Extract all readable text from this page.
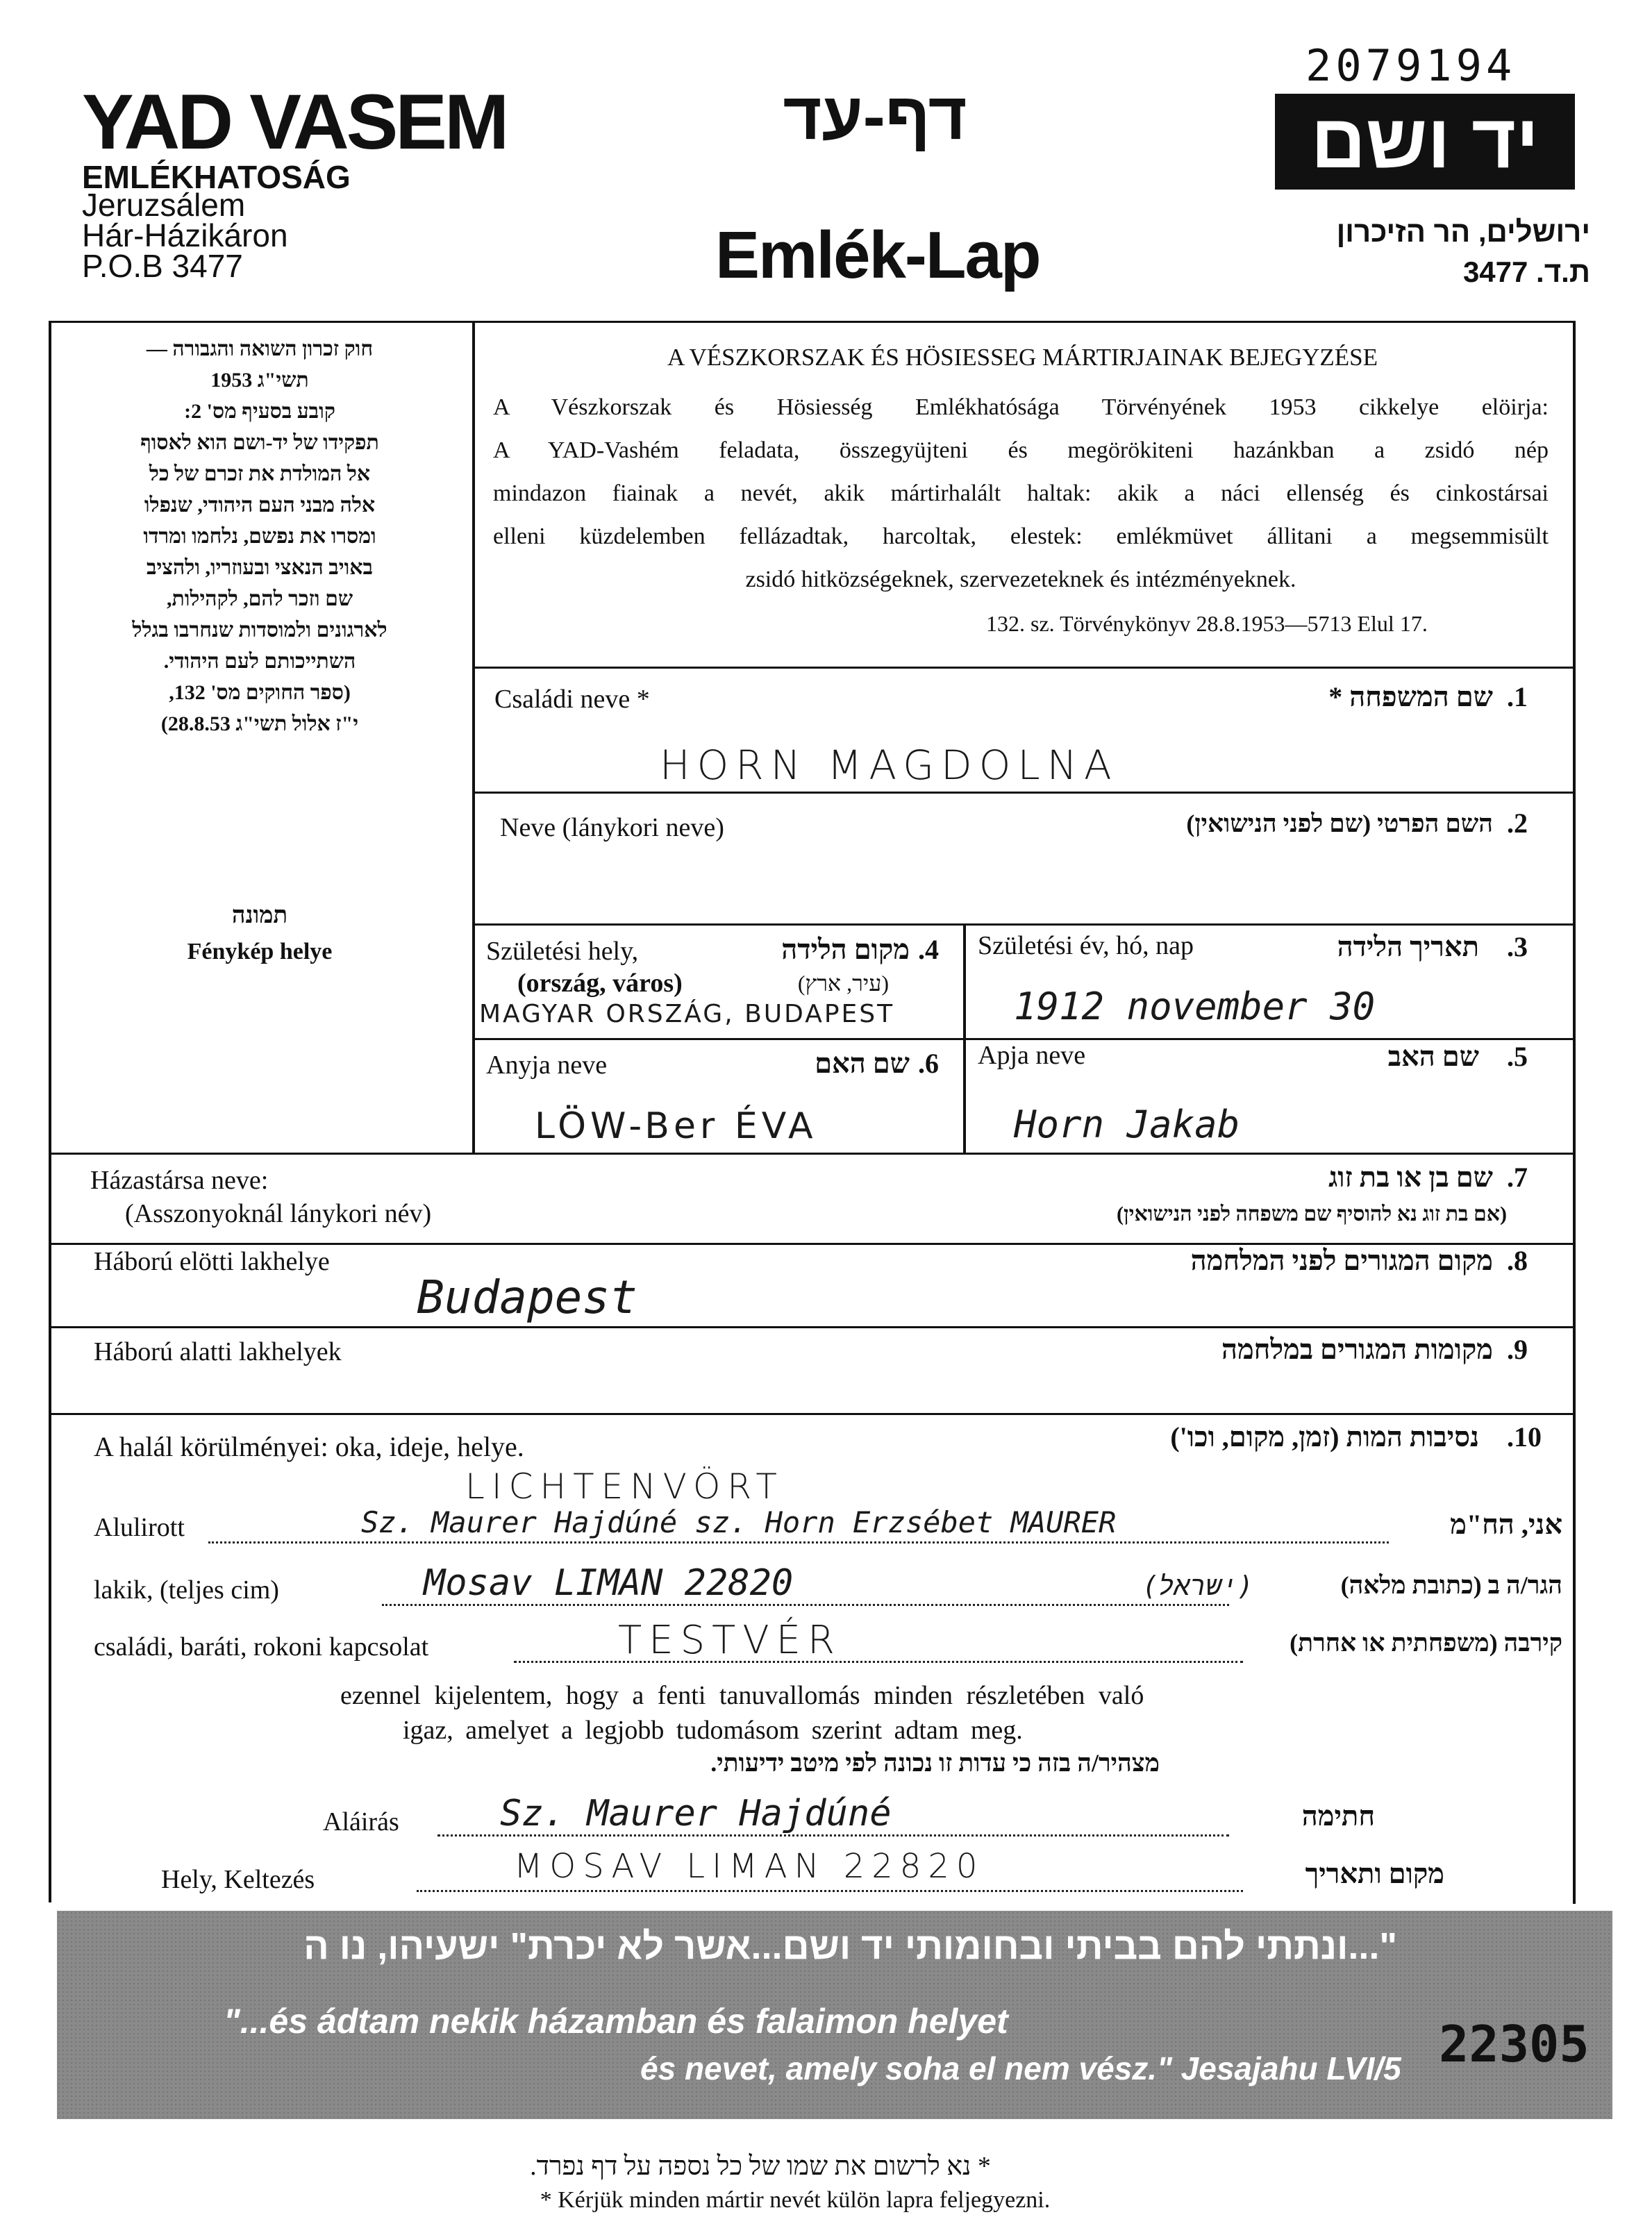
2079194
YAD VASEM
EMLÉKHATOSÁG
Jeruzsálem
Hár-Házikáron
P.O.B 3477
דף-עד
Emlék-Lap
יד ושם
ירושלים, הר הזיכרון
ת.ד. 3477
חוק זכרון השואה והגבורה —
תשי"ג 1953
קובע בסעיף מס' 2:
תפקידו של יד-ושם הוא לאסוף
אל המולדת את זכרם של כל
אלה מבני העם היהודי, שנפלו
ומסרו את נפשם, נלחמו ומרדו
באויב הנאצי ובעוזריו, ולהציב
שם וזכר להם, לקהילות,
לארגונים ולמוסדות שנחרבו בגלל
השתייכותם לעם היהודי.
(ספר החוקים מס' 132,
י"ז אלול תשי"ג 28.8.53)
תמונה
Fénykép helye
A VÉSZKORSZAK ÉS HÖSIESSEG MÁRTIRJAINAK BEJEGYZÉSE
A Vészkorszak és Hösiesség Emlékhatósága Törvényének 1953 cikkelye elöirja:
A YAD-Vashém feladata, összegyüjteni és megörökiteni hazánkban a zsidó nép
mindazon fiainak a nevét, akik mártirhalált haltak: akik a náci ellenség és cinkostársai
elleni küzdelemben fellázadtak, harcoltak, elestek: emlékmüvet állitani a megsemmisült
zsidó hitközségeknek, szervezeteknek és intézményeknek.
132. sz. Törvénykönyv 28.8.1953—5713 Elul 17.
Családi neve *	שם המשפחה * .1
HORN MAGDOLNA
Neve (lánykori neve)	השם הפרטי (שם לפני הנישואין) .2
Születési hely,
(ország, város)
מקום הלידה .4
(עיר, ארץ)
MAGYAR ORSZÁG, BUDAPEST
Születési év, hó, nap	תאריך הלידה .3
1912 november 30
Anyja neve	שם האם .6
LÖW-Ber ÉVA
Apja neve	שם האב .5
Horn Jakab
Házastársa neve:
(Asszonyoknál lánykori név)
שם בן או בת זוג .7
(אם בת זוג נא להוסיף שם משפחה לפני הנישואין)
Háború elötti lakhelye	מקום המגורים לפני המלחמה .8
Budapest
Háború alatti lakhelyek	מקומות המגורים במלחמה .9
A halál körülményei: oka, ideje, helye.	נסיבות המות (זמן, מקום, וכו') .10
LICHTENVÖRT
Alulirott	Sz. Maurer Hajdúné sz. Horn Erzsébet MAURER	אני, הח"מ
lakik, (teljes cim)	Mosav LIMAN 22820	(ישראל)	הגר/ה ב (כתובת מלאה)
családi, baráti, rokoni kapcsolat	TESTVÉR	קירבה (משפחתית או אחרת)
ezennel kijelentem, hogy a fenti tanuvallomás minden részletében való
igaz, amelyet a legjobb tudomásom szerint adtam meg.
מצהיר/ה בזה כי עדות זו נכונה לפי מיטב ידיעותי.
Aláirás	Sz. Maurer Hajdúné	חתימה
Hely, Keltezés	MOSAV LIMAN 22820	מקום ותאריך
"...ונתתי להם בביתי ובחומותי יד ושם...אשר לא יכרת" ישעיהו, נו ה
"...és ádtam nekik házamban és falaimon helyet
és nevet, amely soha el nem vész." Jesajahu LVI/5 22305
* נא לרשום את שמו של כל נספה על דף נפרד.
* Kérjük minden mártir nevét külön lapra feljegyezni.
